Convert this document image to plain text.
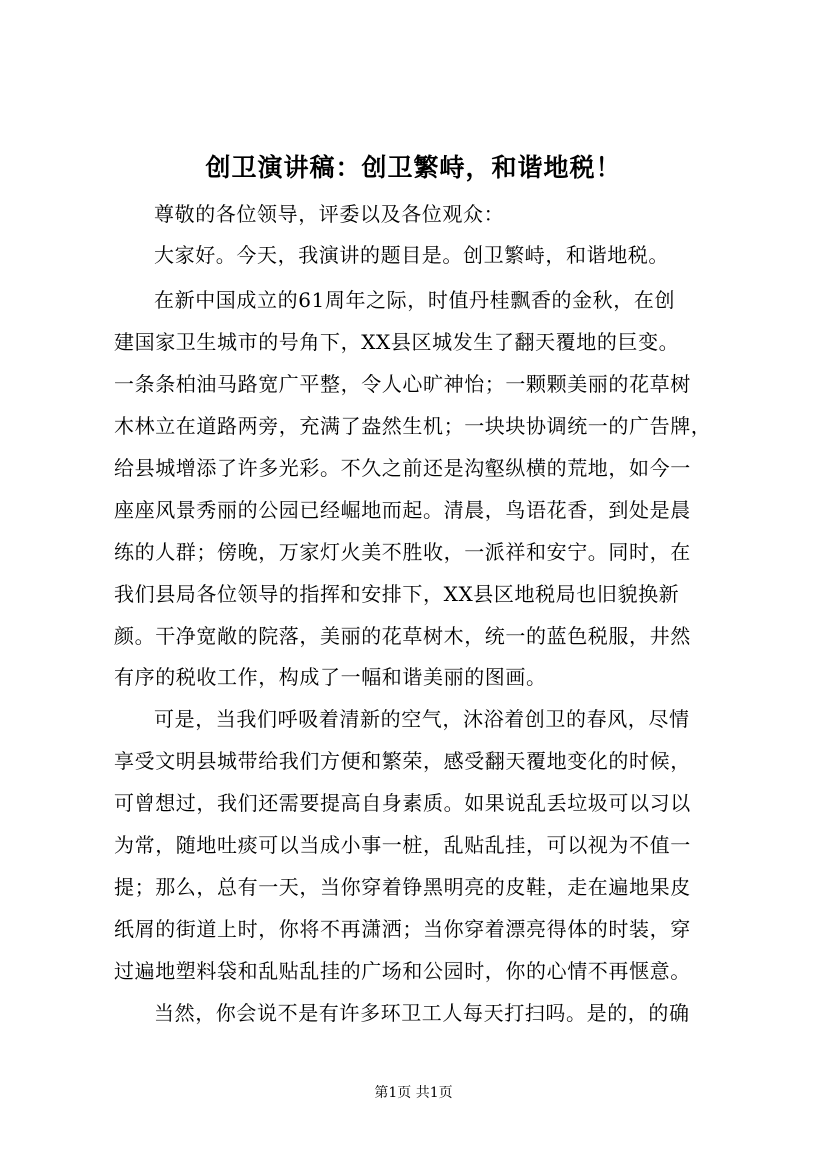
创卫演讲稿：创卫繁峙，和谐地税！
尊敬的各位领导，评委以及各位观众：
大家好。今天，我演讲的题目是。创卫繁峙，和谐地税。
在新中国成立的61周年之际，时值丹桂飘香的金秋，在创
建国家卫生城市的号角下，XX县区城发生了翻天覆地的巨变。
一条条柏油马路宽广平整，令人心旷神怡；一颗颗美丽的花草树
木林立在道路两旁，充满了盎然生机；一块块协调统一的广告牌，
给县城增添了许多光彩。不久之前还是沟壑纵横的荒地，如今一
座座风景秀丽的公园已经崛地而起。清晨，鸟语花香，到处是晨
练的人群；傍晚，万家灯火美不胜收，一派祥和安宁。同时，在
我们县局各位领导的指挥和安排下，XX县区地税局也旧貌换新
颜。干净宽敞的院落，美丽的花草树木，统一的蓝色税服，井然
有序的税收工作，构成了一幅和谐美丽的图画。
可是，当我们呼吸着清新的空气，沐浴着创卫的春风，尽情
享受文明县城带给我们方便和繁荣，感受翻天覆地变化的时候，
可曾想过，我们还需要提高自身素质。如果说乱丢垃圾可以习以
为常，随地吐痰可以当成小事一桩，乱贴乱挂，可以视为不值一
提；那么，总有一天，当你穿着铮黑明亮的皮鞋，走在遍地果皮
纸屑的街道上时，你将不再潇洒；当你穿着漂亮得体的时装，穿
过遍地塑料袋和乱贴乱挂的广场和公园时，你的心情不再惬意。
当然，你会说不是有许多环卫工人每天打扫吗。是的，的确
第1页 共1页
